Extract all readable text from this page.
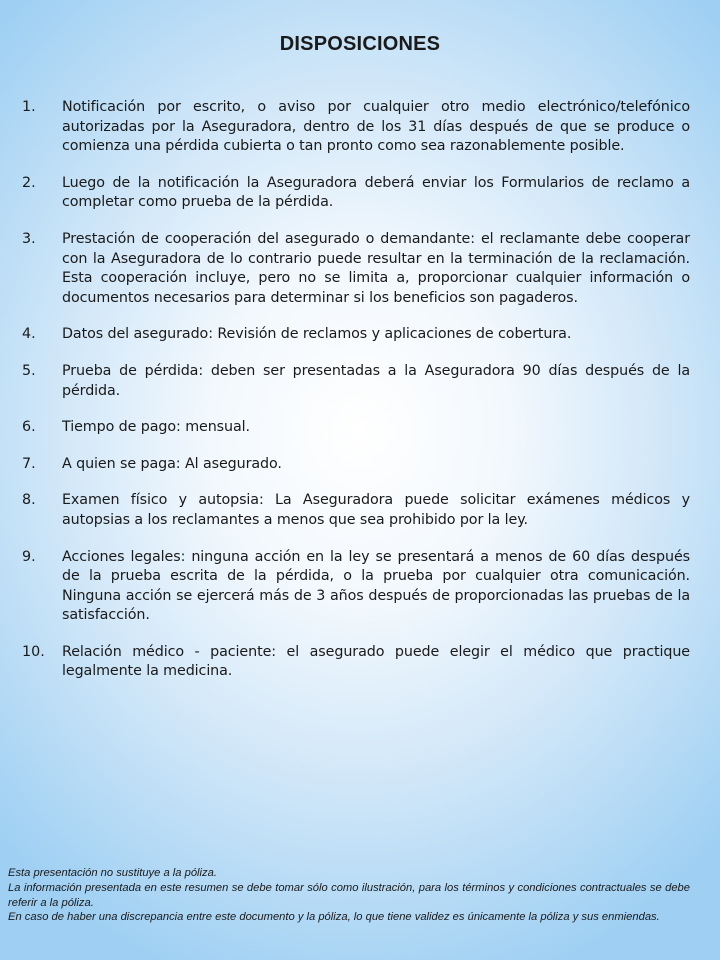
DISPOSICIONES
1.	Notificación por escrito, o aviso por cualquier otro medio electrónico/telefónico autorizadas por la Aseguradora, dentro de los 31 días después de que se produce o comienza una pérdida cubierta o tan pronto como sea razonablemente posible.
2.	Luego de la notificación la Aseguradora deberá enviar los Formularios de reclamo a completar como prueba de la pérdida.
3.	Prestación de cooperación del asegurado o demandante: el reclamante debe cooperar con la Aseguradora de lo contrario puede resultar en la terminación de la reclamación. Esta cooperación incluye, pero no se limita a, proporcionar cualquier información o documentos necesarios para determinar si los beneficios son pagaderos.
4.	Datos del asegurado: Revisión de reclamos y aplicaciones de cobertura.
5.	Prueba de pérdida: deben ser presentadas a la Aseguradora 90 días después de la pérdida.
6.	Tiempo de pago: mensual.
7.	A quien se paga: Al asegurado.
8.	Examen físico y autopsia: La Aseguradora puede solicitar exámenes médicos y autopsias a los reclamantes a menos que sea prohibido por la ley.
9.	Acciones legales: ninguna acción en la ley se presentará a menos de 60 días después de la prueba escrita de la pérdida, o la prueba por cualquier otra comunicación. Ninguna acción se ejercerá más de 3 años después de proporcionadas las pruebas de la satisfacción.
10.	Relación médico - paciente: el asegurado puede elegir el médico que practique legalmente la medicina.
Esta presentación no sustituye a la póliza.
La información presentada en este resumen se debe tomar sólo como ilustración, para los términos y condiciones contractuales se debe referir a la póliza.
En caso de haber una discrepancia entre este documento y la póliza, lo que tiene validez es únicamente la póliza y sus enmiendas.
